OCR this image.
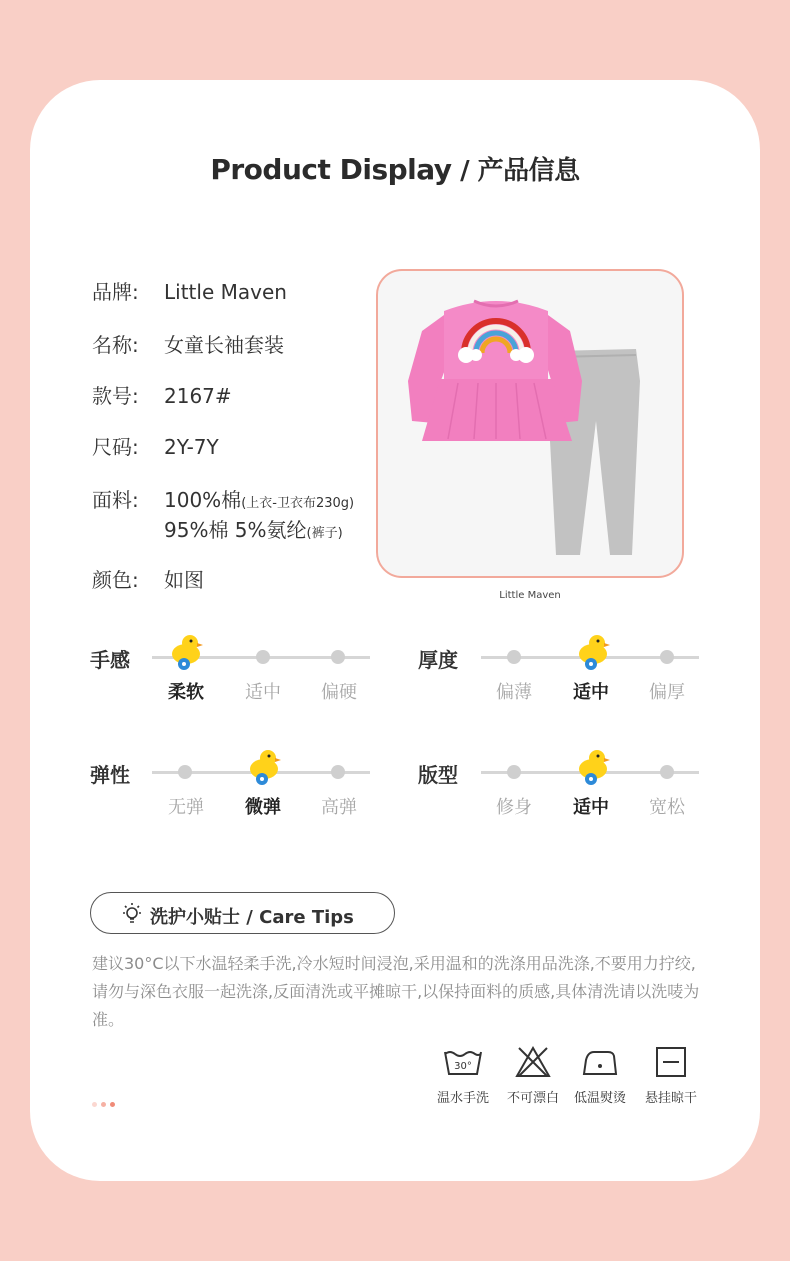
Product Display / 产品信息
品牌: Little Maven
名称: 女童长袖套装
款号: 2167#
尺码: 2Y-7Y
面料: 100%棉(上衣-卫衣布230g)
95%棉 5%氨纶(裤子)
颜色: 如图
Little Maven
手感
柔软	适中	偏硬
厚度
偏薄	适中	偏厚
弹性
无弹	微弹	高弹
版型
修身	适中	宽松
洗护小贴士 / Care Tips
建议30°C以下水温轻柔手洗,冷水短时间浸泡,采用温和的洗涤用品洗涤,不要用力拧绞,请勿与深色衣服一起洗涤,反面清洗或平摊晾干,以保持面料的质感,具体清洗请以洗唛为准。
30°
温水手洗	不可漂白	低温熨烫	悬挂晾干
